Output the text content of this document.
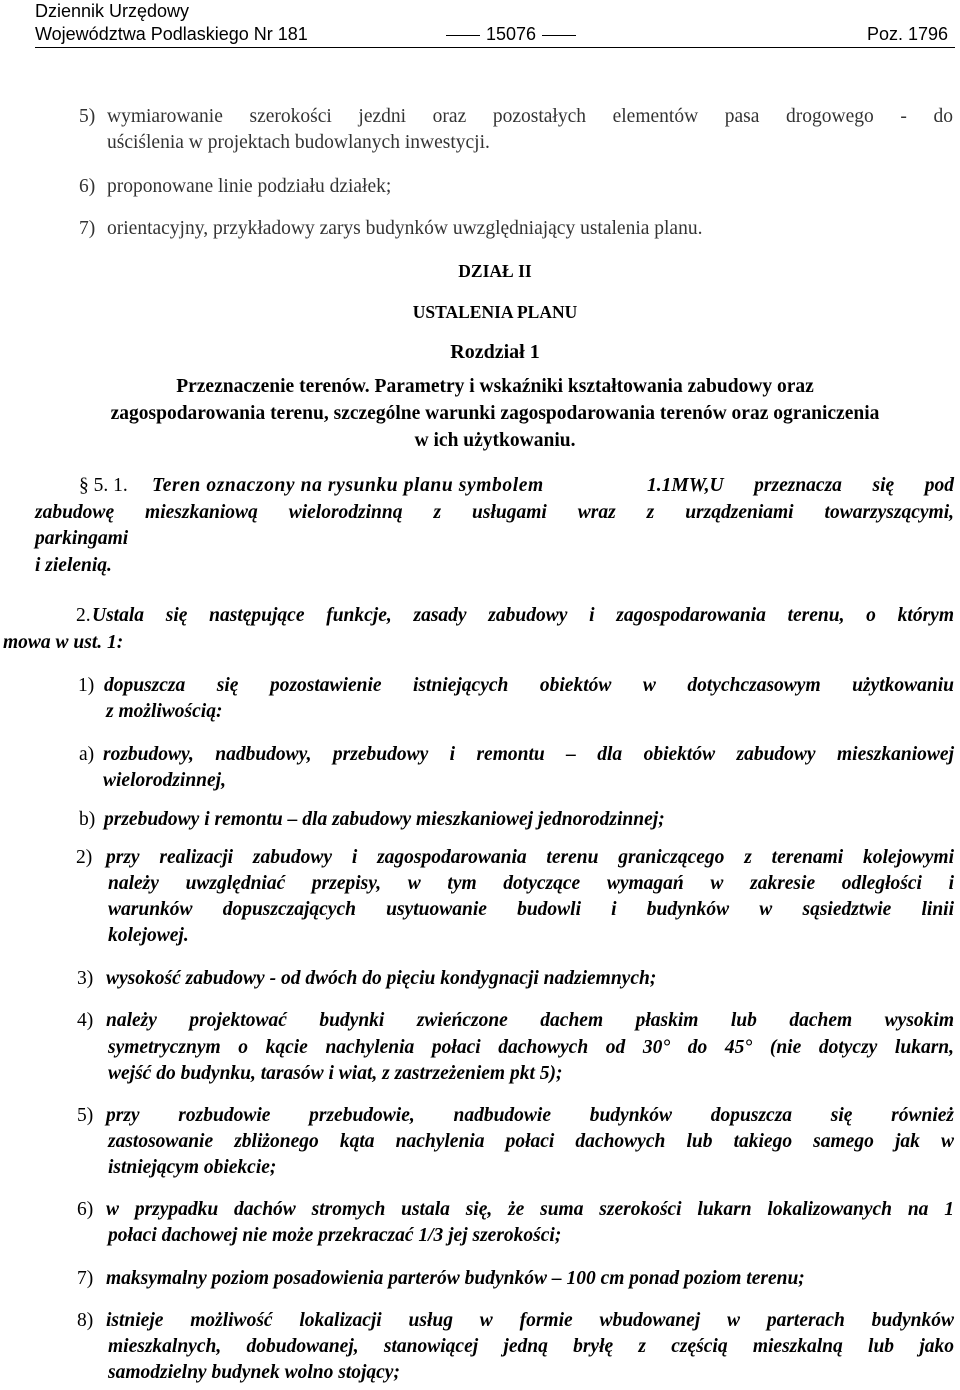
Dziennik Urzędowy
Województwa Podlaskiego Nr 181	15076	Poz. 1796
5) wymiarowanie szerokości jezdni oraz pozostałych elementów pasa drogowego - do
uściślenia w projektach budowlanych inwestycji.
6) proponowane linie podziału działek;
7) orientacyjny, przykładowy zarys budynków uwzględniający ustalenia planu.
DZIAŁ II
USTALENIA PLANU
Rozdział 1
Przeznaczenie terenów. Parametry i wskaźniki kształtowania zabudowy oraz
zagospodarowania terenu, szczególne warunki zagospodarowania terenów oraz ograniczenia
w ich użytkowaniu.
§ 5. 1. Teren oznaczony na rysunku planu symbolem	1.1MW,U przeznacza się pod
zabudowę mieszkaniową wielorodzinną z usługami wraz z urządzeniami towarzyszącymi,
parkingami
i zielenią.
2. Ustala się następujące funkcje, zasady zabudowy i zagospodarowania terenu, o którym
mowa w ust. 1:
1) dopuszcza się pozostawienie istniejących obiektów w dotychczasowym użytkowaniu
z możliwością:
a) rozbudowy, nadbudowy, przebudowy i remontu – dla obiektów zabudowy mieszkaniowej
wielorodzinnej,
b) przebudowy i remontu – dla zabudowy mieszkaniowej jednorodzinnej;
2) przy realizacji zabudowy i zagospodarowania terenu graniczącego z terenami kolejowymi
należy uwzględniać przepisy, w tym dotyczące wymagań w zakresie odległości i
warunków dopuszczających usytuowanie budowli i budynków w sąsiedztwie linii
kolejowej.
3) wysokość zabudowy - od dwóch do pięciu kondygnacji nadziemnych;
4) należy projektować budynki zwieńczone dachem płaskim lub dachem wysokim
symetrycznym o kącie nachylenia połaci dachowych od 30° do 45° (nie dotyczy lukarn,
wejść do budynku, tarasów i wiat, z zastrzeżeniem pkt 5);
5) przy rozbudowie przebudowie, nadbudowie budynków dopuszcza się również
zastosowanie zbliżonego kąta nachylenia połaci dachowych lub takiego samego jak w
istniejącym obiekcie;
6) w przypadku dachów stromych ustala się, że suma szerokości lukarn lokalizowanych na 1
połaci dachowej nie może przekraczać 1/3 jej szerokości;
7) maksymalny poziom posadowienia parterów budynków – 100 cm ponad poziom terenu;
8) istnieje możliwość lokalizacji usług w formie wbudowanej w parterach budynków
mieszkalnych, dobudowanej, stanowiącej jedną bryłę z częścią mieszkalną lub jako
samodzielny budynek wolno stojący;
